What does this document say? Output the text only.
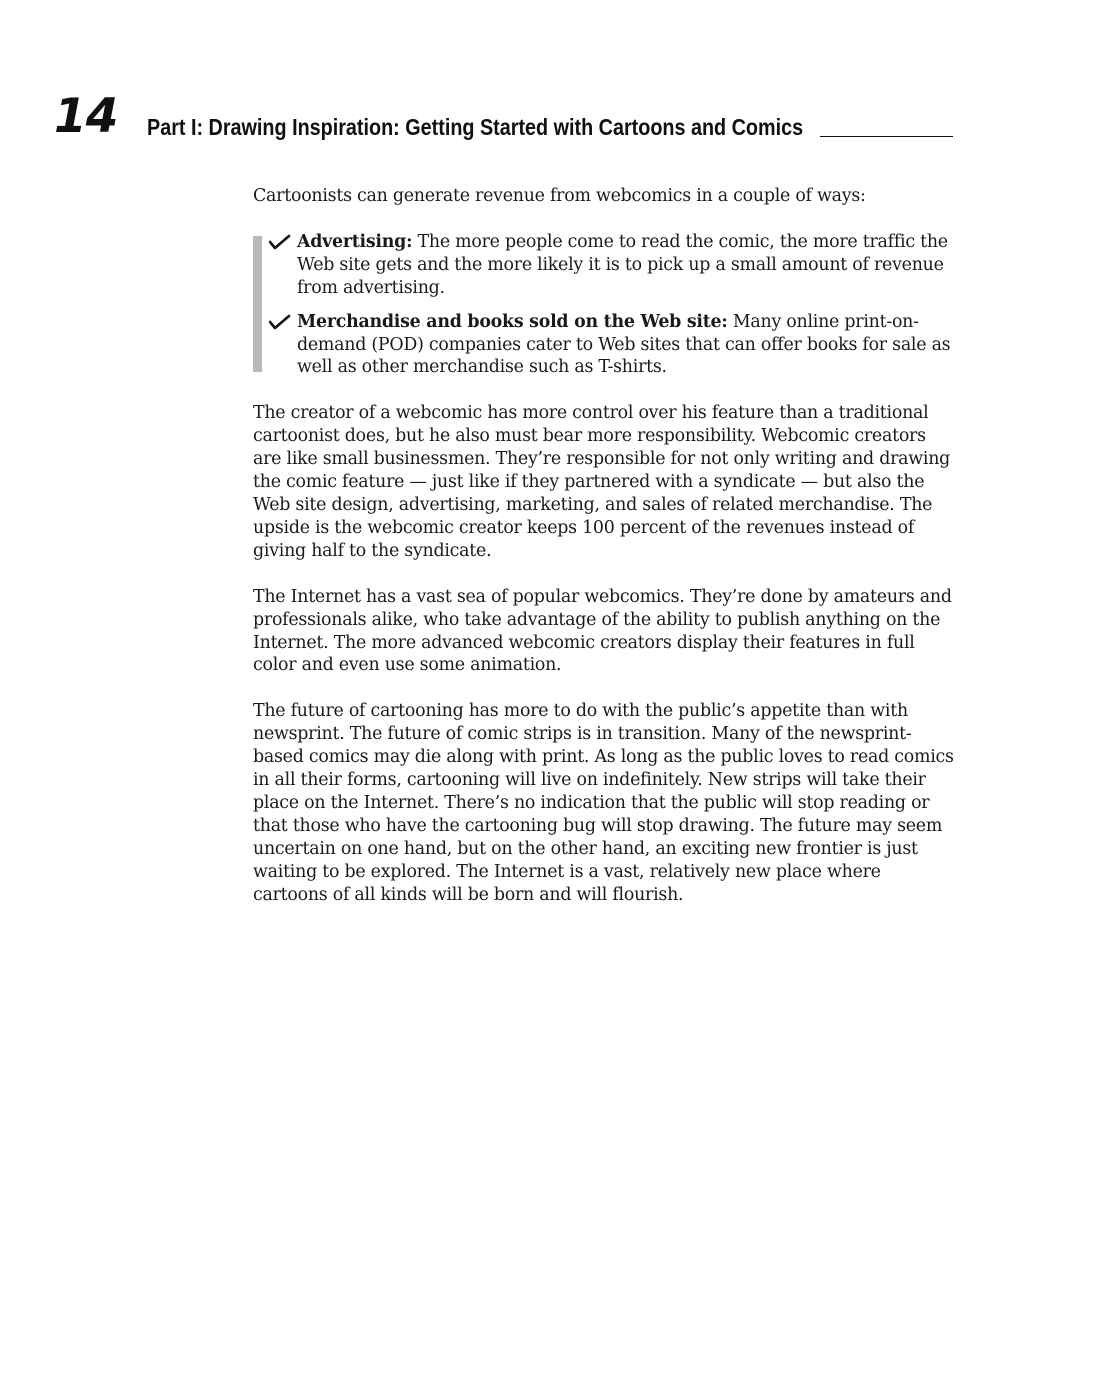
14 Part I: Drawing Inspiration: Getting Started with Cartoons and Comics

Cartoonists can generate revenue from webcomics in a couple of ways:

Advertising: The more people come to read the comic, the more traffic the Web site gets and the more likely it is to pick up a small amount of revenue from advertising.
Merchandise and books sold on the Web site: Many online print-on-demand (POD) companies cater to Web sites that can offer books for sale as well as other merchandise such as T-shirts.

The creator of a webcomic has more control over his feature than a traditional cartoonist does, but he also must bear more responsibility. Webcomic creators are like small businessmen. They’re responsible for not only writing and drawing the comic feature — just like if they partnered with a syndicate — but also the Web site design, advertising, marketing, and sales of related merchandise. The upside is the webcomic creator keeps 100 percent of the revenues instead of giving half to the syndicate.

The Internet has a vast sea of popular webcomics. They’re done by amateurs and professionals alike, who take advantage of the ability to publish anything on the Internet. The more advanced webcomic creators display their features in full color and even use some animation.

The future of cartooning has more to do with the public’s appetite than with newsprint. The future of comic strips is in transition. Many of the newsprint-based comics may die along with print. As long as the public loves to read comics in all their forms, cartooning will live on indefinitely. New strips will take their place on the Internet. There’s no indication that the public will stop reading or that those who have the cartooning bug will stop drawing. The future may seem uncertain on one hand, but on the other hand, an exciting new frontier is just waiting to be explored. The Internet is a vast, relatively new place where cartoons of all kinds will be born and will flourish.
